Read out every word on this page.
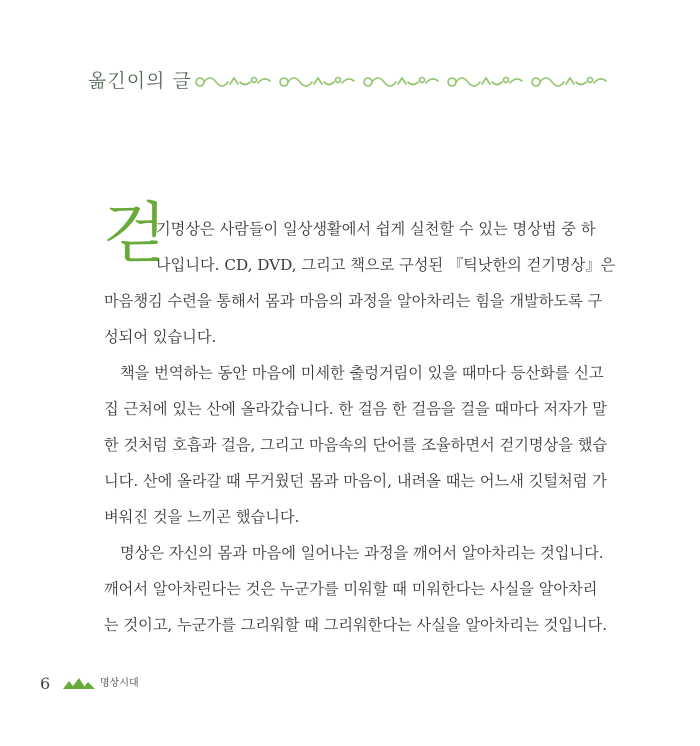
옮긴이의 글
걷
기명상은 사람들이 일상생활에서 쉽게 실천할 수 있는 명상법 중 하
나입니다. CD, DVD, 그리고 책으로 구성된 『틱낫한의 걷기명상』은
마음챙김 수련을 통해서 몸과 마음의 과정을 알아차리는 힘을 개발하도록 구
성되어 있습니다.
책을 번역하는 동안 마음에 미세한 출렁거림이 있을 때마다 등산화를 신고
집 근처에 있는 산에 올라갔습니다. 한 걸음 한 걸음을 걸을 때마다 저자가 말
한 것처럼 호흡과 걸음, 그리고 마음속의 단어를 조율하면서 걷기명상을 했습
니다. 산에 올라갈 때 무거웠던 몸과 마음이, 내려올 때는 어느새 깃털처럼 가
벼워진 것을 느끼곤 했습니다.
명상은 자신의 몸과 마음에 일어나는 과정을 깨어서 알아차리는 것입니다.
깨어서 알아차린다는 것은 누군가를 미워할 때 미워한다는 사실을 알아차리
는 것이고, 누군가를 그리워할 때 그리워한다는 사실을 알아차리는 것입니다.
6	명상시대
